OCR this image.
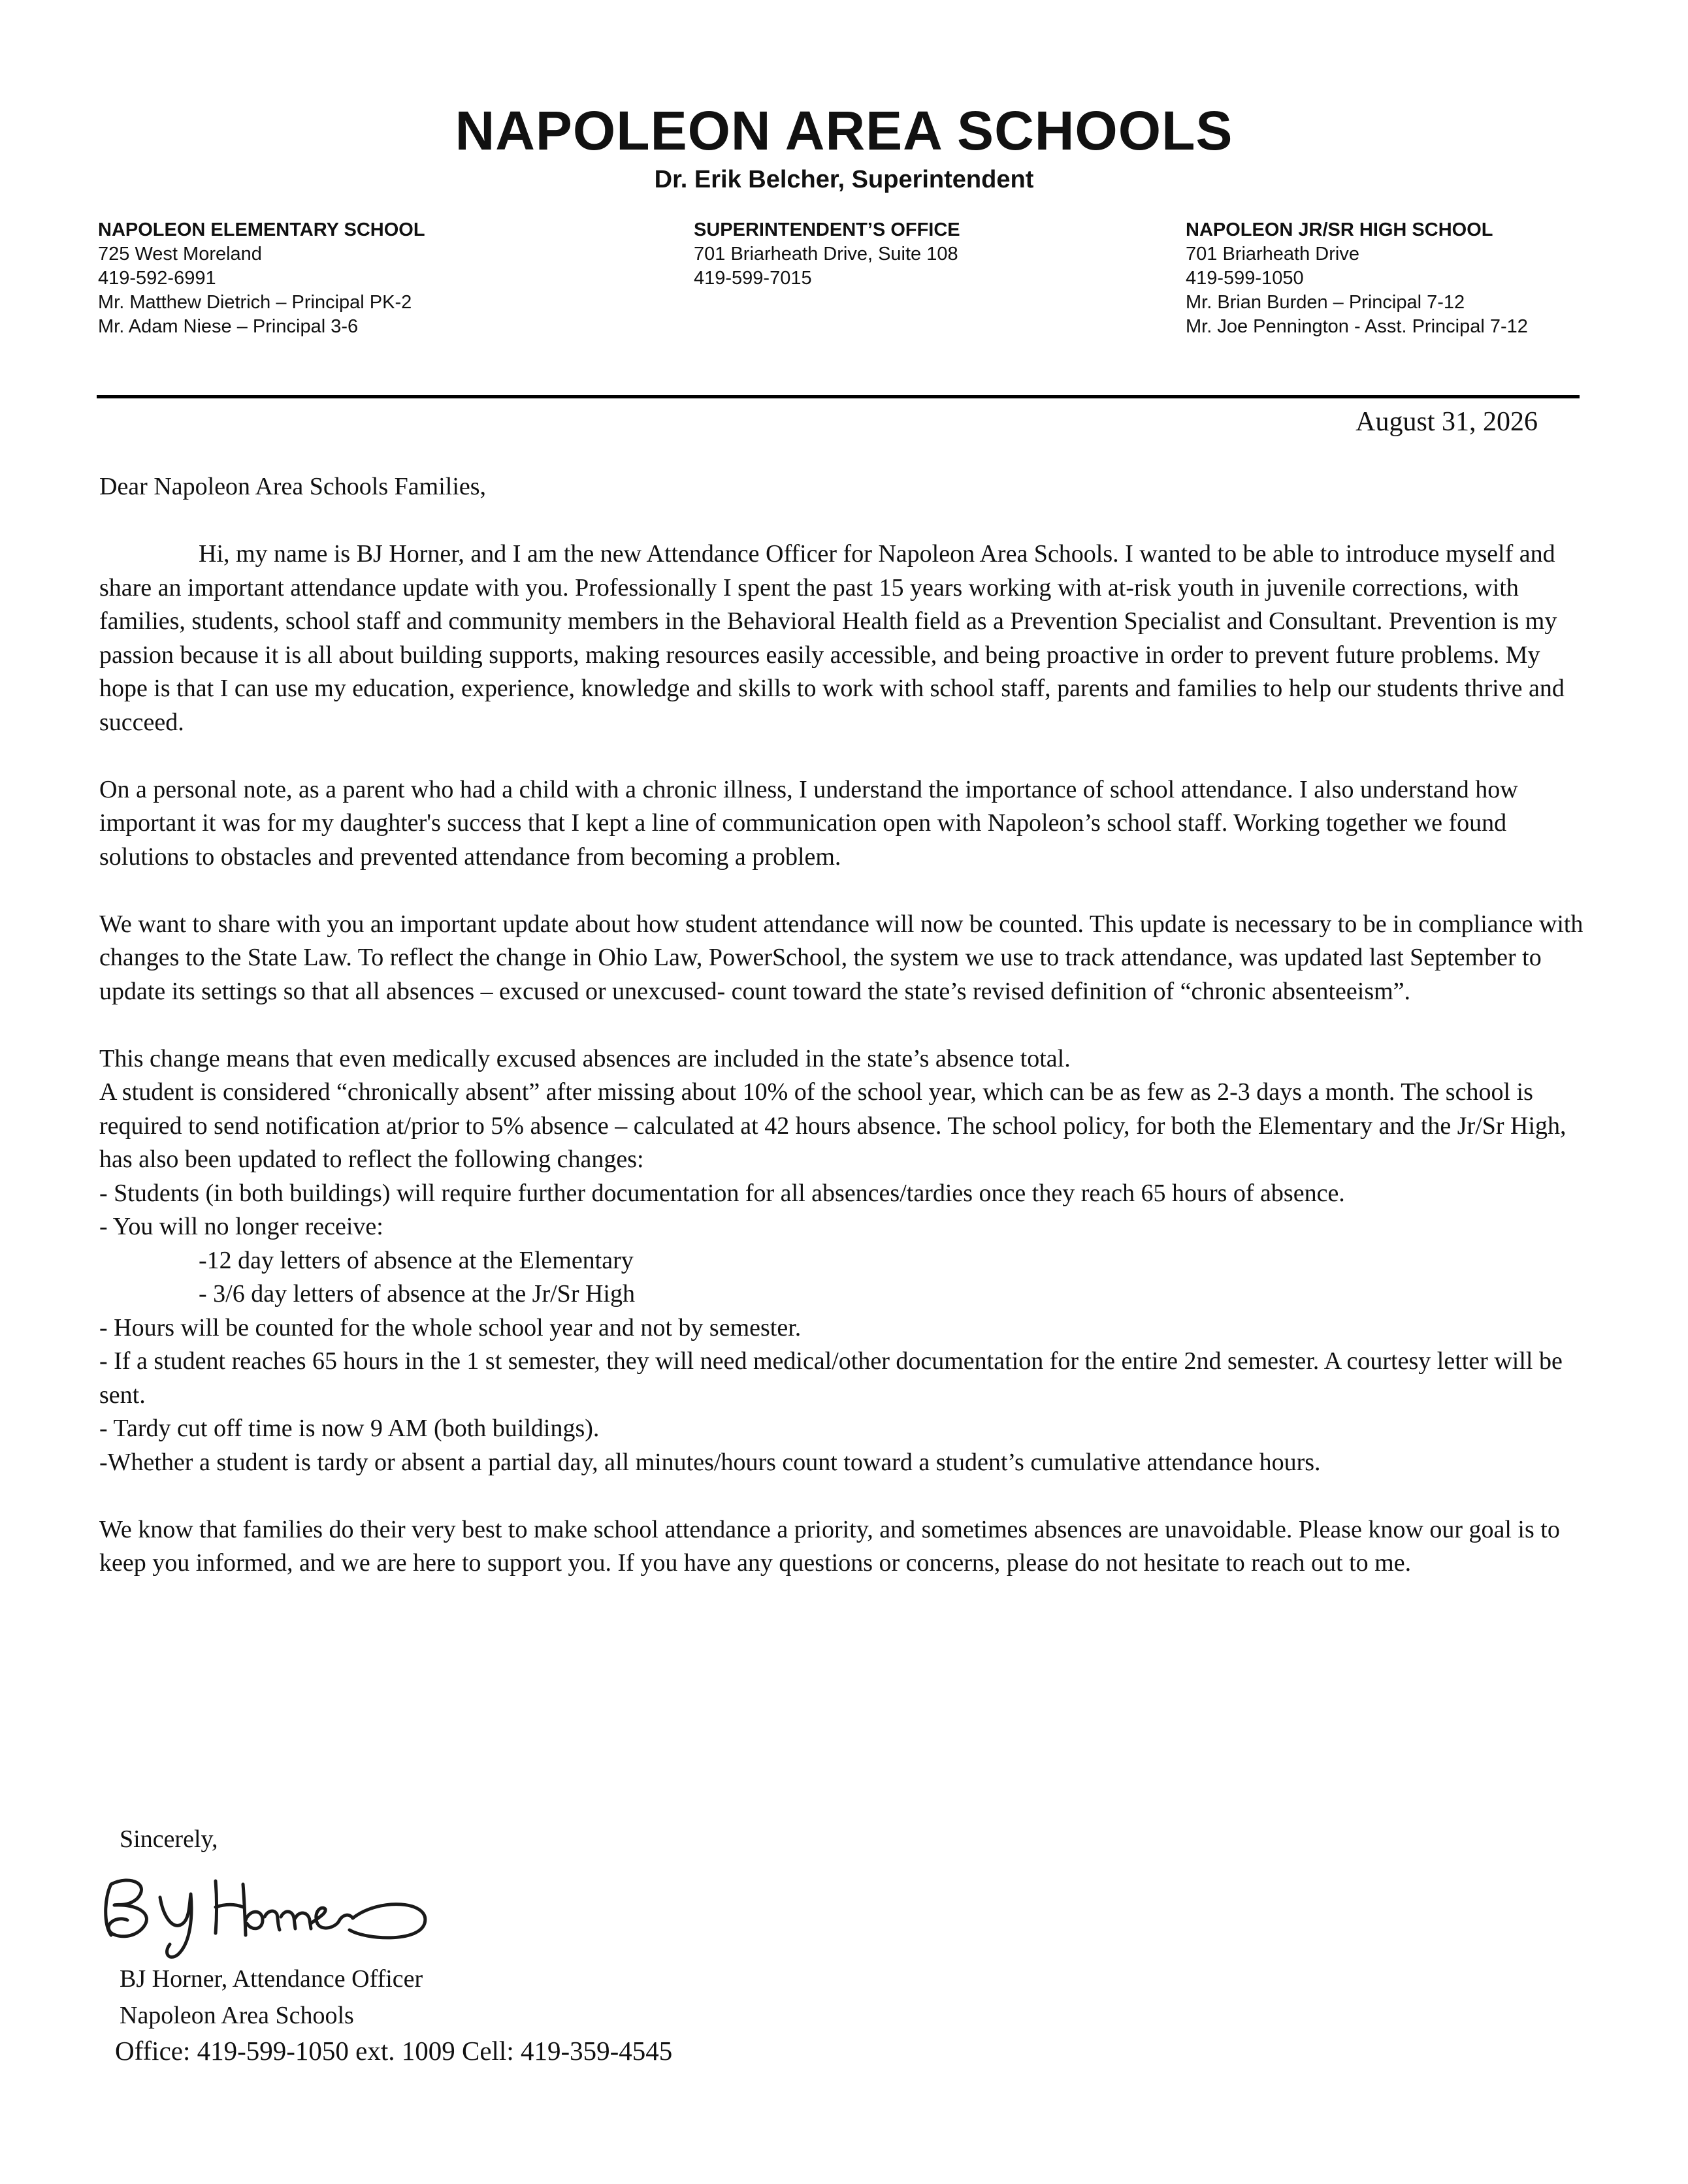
NAPOLEON AREA SCHOOLS
Dr. Erik Belcher, Superintendent
NAPOLEON ELEMENTARY SCHOOL
725 West Moreland
419-592-6991
Mr. Matthew Dietrich – Principal PK-2
Mr. Adam Niese – Principal 3-6
SUPERINTENDENT’S OFFICE
701 Briarheath Drive, Suite 108
419-599-7015
NAPOLEON JR/SR HIGH SCHOOL
701 Briarheath Drive
419-599-1050
Mr. Brian Burden – Principal 7-12
Mr. Joe Pennington - Asst. Principal 7-12
August 31, 2026

Dear Napoleon Area Schools Families,

Hi, my name is BJ Horner, and I am the new Attendance Officer for Napoleon Area Schools. I wanted to be able to introduce myself and share an important attendance update with you. Professionally I spent the past 15 years working with at-risk youth in juvenile corrections, with families, students, school staff and community members in the Behavioral Health field as a Prevention Specialist and Consultant. Prevention is my passion because it is all about building supports, making resources easily accessible, and being proactive in order to prevent future problems. My hope is that I can use my education, experience, knowledge and skills to work with school staff, parents and families to help our students thrive and succeed.

On a personal note, as a parent who had a child with a chronic illness, I understand the importance of school attendance. I also understand how important it was for my daughter's success that I kept a line of communication open with Napoleon’s school staff. Working together we found solutions to obstacles and prevented attendance from becoming a problem.

We want to share with you an important update about how student attendance will now be counted. This update is necessary to be in compliance with changes to the State Law. To reflect the change in Ohio Law, PowerSchool, the system we use to track attendance, was updated last September to update its settings so that all absences – excused or unexcused- count toward the state’s revised definition of “chronic absenteeism”.

This change means that even medically excused absences are included in the state’s absence total.

A student is considered “chronically absent” after missing about 10% of the school year, which can be as few as 2-3 days a month. The school is required to send notification at/prior to 5% absence – calculated at 42 hours absence. The school policy, for both the Elementary and the Jr/Sr High, has also been updated to reflect the following changes:

- Students (in both buildings) will require further documentation for all absences/tardies once they reach 65 hours of absence.

- You will no longer receive:

-12 day letters of absence at the Elementary

- 3/6 day letters of absence at the Jr/Sr High

- Hours will be counted for the whole school year and not by semester.

- If a student reaches 65 hours in the 1 st semester, they will need medical/other documentation for the entire 2nd semester. A courtesy letter will be sent.

- Tardy cut off time is now 9 AM (both buildings).

-Whether a student is tardy or absent a partial day, all minutes/hours count toward a student’s cumulative attendance hours.

We know that families do their very best to make school attendance a priority, and sometimes absences are unavoidable. Please know our goal is to keep you informed, and we are here to support you. If you have any questions or concerns, please do not hesitate to reach out to me.

Sincerely,
BJ Horner, Attendance Officer
Napoleon Area Schools
Office: 419-599-1050 ext. 1009 Cell: 419-359-4545
